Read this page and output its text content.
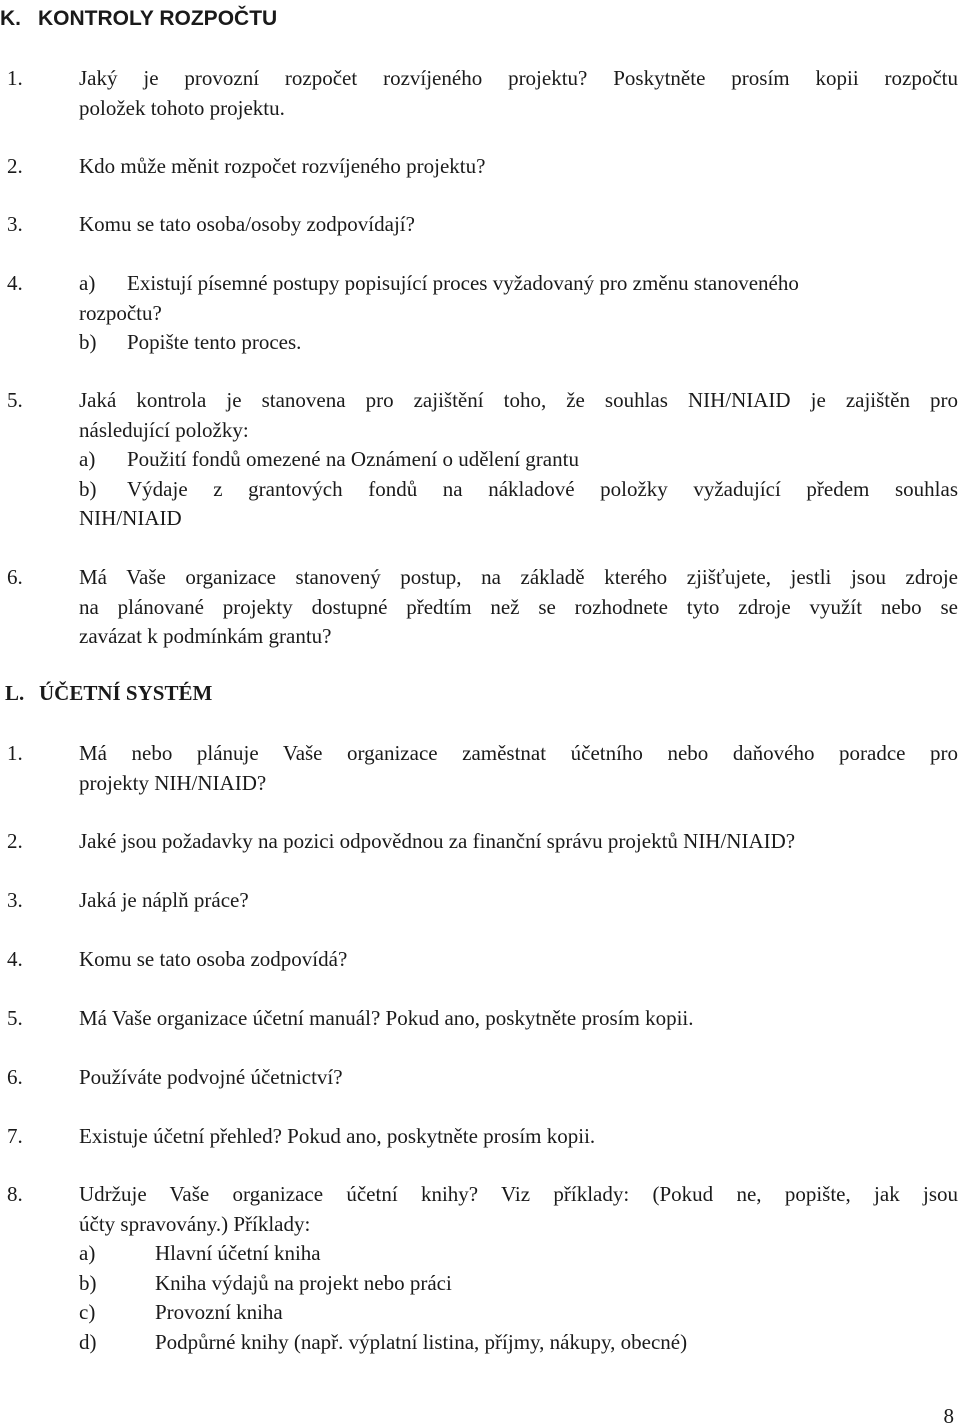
K. KONTROLY ROZPOČTU
1.	Jaký je provozní rozpočet rozvíjeného projektu? Poskytněte prosím kopii rozpočtu
položek tohoto projektu.
2.	Kdo může měnit rozpočet rozvíjeného projektu?
3.	Komu se tato osoba/osoby zodpovídají?
4.	a) Existují písemné postupy popisující proces vyžadovaný pro změnu stanoveného
rozpočtu?
b) Popište tento proces.
5.	Jaká kontrola je stanovena pro zajištění toho, že souhlas NIH/NIAID je zajištěn pro
následující položky:
a) Použití fondů omezené na Oznámení o udělení grantu
b) Výdaje z grantových fondů na nákladové položky vyžadující předem souhlas
NIH/NIAID
6.	Má Vaše organizace stanovený postup, na základě kterého zjišťujete, jestli jsou zdroje
na plánované projekty dostupné předtím než se rozhodnete tyto zdroje využít nebo se
zavázat k podmínkám grantu?
L. ÚČETNÍ SYSTÉM
1.	Má nebo plánuje Vaše organizace zaměstnat účetního nebo daňového poradce pro
projekty NIH/NIAID?
2.	Jaké jsou požadavky na pozici odpovědnou za finanční správu projektů NIH/NIAID?
3.	Jaká je náplň práce?
4.	Komu se tato osoba zodpovídá?
5.	Má Vaše organizace účetní manuál? Pokud ano, poskytněte prosím kopii.
6.	Používáte podvojné účetnictví?
7.	Existuje účetní přehled? Pokud ano, poskytněte prosím kopii.
8.	Udržuje Vaše organizace účetní knihy? Viz příklady: (Pokud ne, popište, jak jsou
účty spravovány.) Příklady:
a)	Hlavní účetní kniha
b)	Kniha výdajů na projekt nebo práci
c)	Provozní kniha
d)	Podpůrné knihy (např. výplatní listina, příjmy, nákupy, obecné)
8
